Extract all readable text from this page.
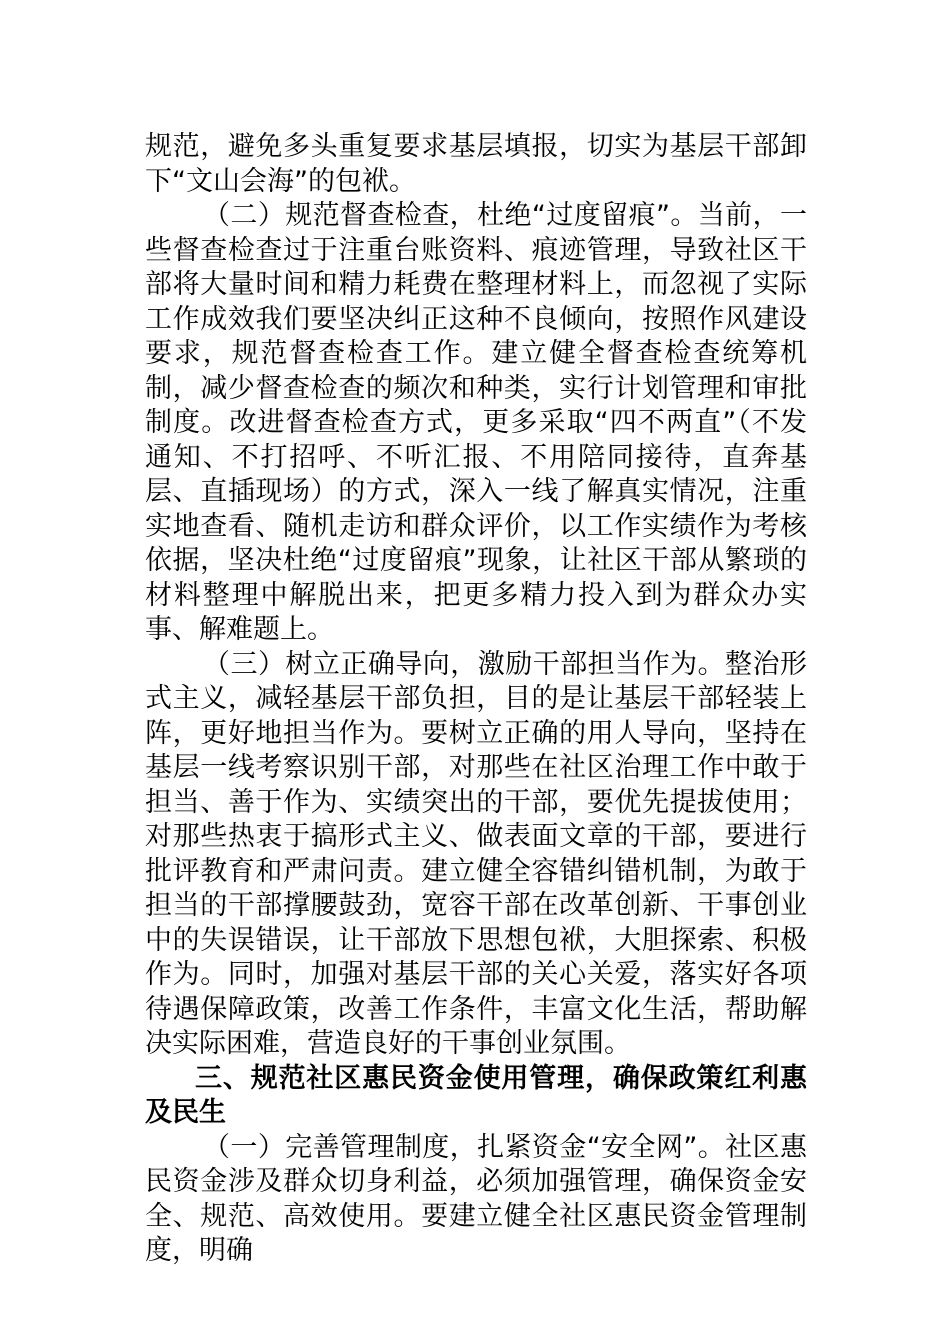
规范，避免多头重复要求基层填报，切实为基层干部卸下“文山会海”的包袱。

（二）规范督查检查，杜绝“过度留痕”。当前，一些督查检查过于注重台账资料、痕迹管理，导致社区干部将大量时间和精力耗费在整理材料上，而忽视了实际工作成效我们要坚决纠正这种不良倾向，按照作风建设要求，规范督查检查工作。建立健全督查检查统筹机制，减少督查检查的频次和种类，实行计划管理和审批制度。改进督查检查方式，更多采取“四不两直”（不发通知、不打招呼、不听汇报、不用陪同接待，直奔基层、直插现场）的方式，深入一线了解真实情况，注重实地查看、随机走访和群众评价，以工作实绩作为考核依据，坚决杜绝“过度留痕”现象，让社区干部从繁琐的材料整理中解脱出来，把更多精力投入到为群众办实事、解难题上。

（三）树立正确导向，激励干部担当作为。整治形式主义，减轻基层干部负担，目的是让基层干部轻装上阵，更好地担当作为。要树立正确的用人导向，坚持在基层一线考察识别干部，对那些在社区治理工作中敢于担当、善于作为、实绩突出的干部，要优先提拔使用；对那些热衷于搞形式主义、做表面文章的干部，要进行批评教育和严肃问责。建立健全容错纠错机制，为敢于担当的干部撑腰鼓劲，宽容干部在改革创新、干事创业中的失误错误，让干部放下思想包袱，大胆探索、积极作为。同时，加强对基层干部的关心关爱，落实好各项待遇保障政策，改善工作条件，丰富文化生活，帮助解决实际困难，营造良好的干事创业氛围。

三、规范社区惠民资金使用管理，确保政策红利惠及民生

（一）完善管理制度，扎紧资金“安全网”。社区惠民资金涉及群众切身利益，必须加强管理，确保资金安全、规范、高效使用。要建立健全社区惠民资金管理制度，明确
